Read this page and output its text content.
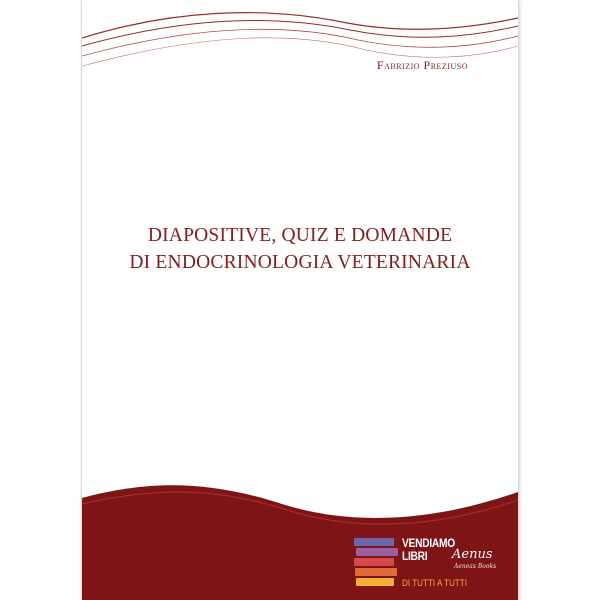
Fabrizio Preziuso
DIAPOSITIVE, QUIZ E DOMANDE
DI ENDOCRINOLOGIA VETERINARIA
VENDIAMO
LIBRI Aenus
Aeneas Books
DI TUTTI A TUTTI
